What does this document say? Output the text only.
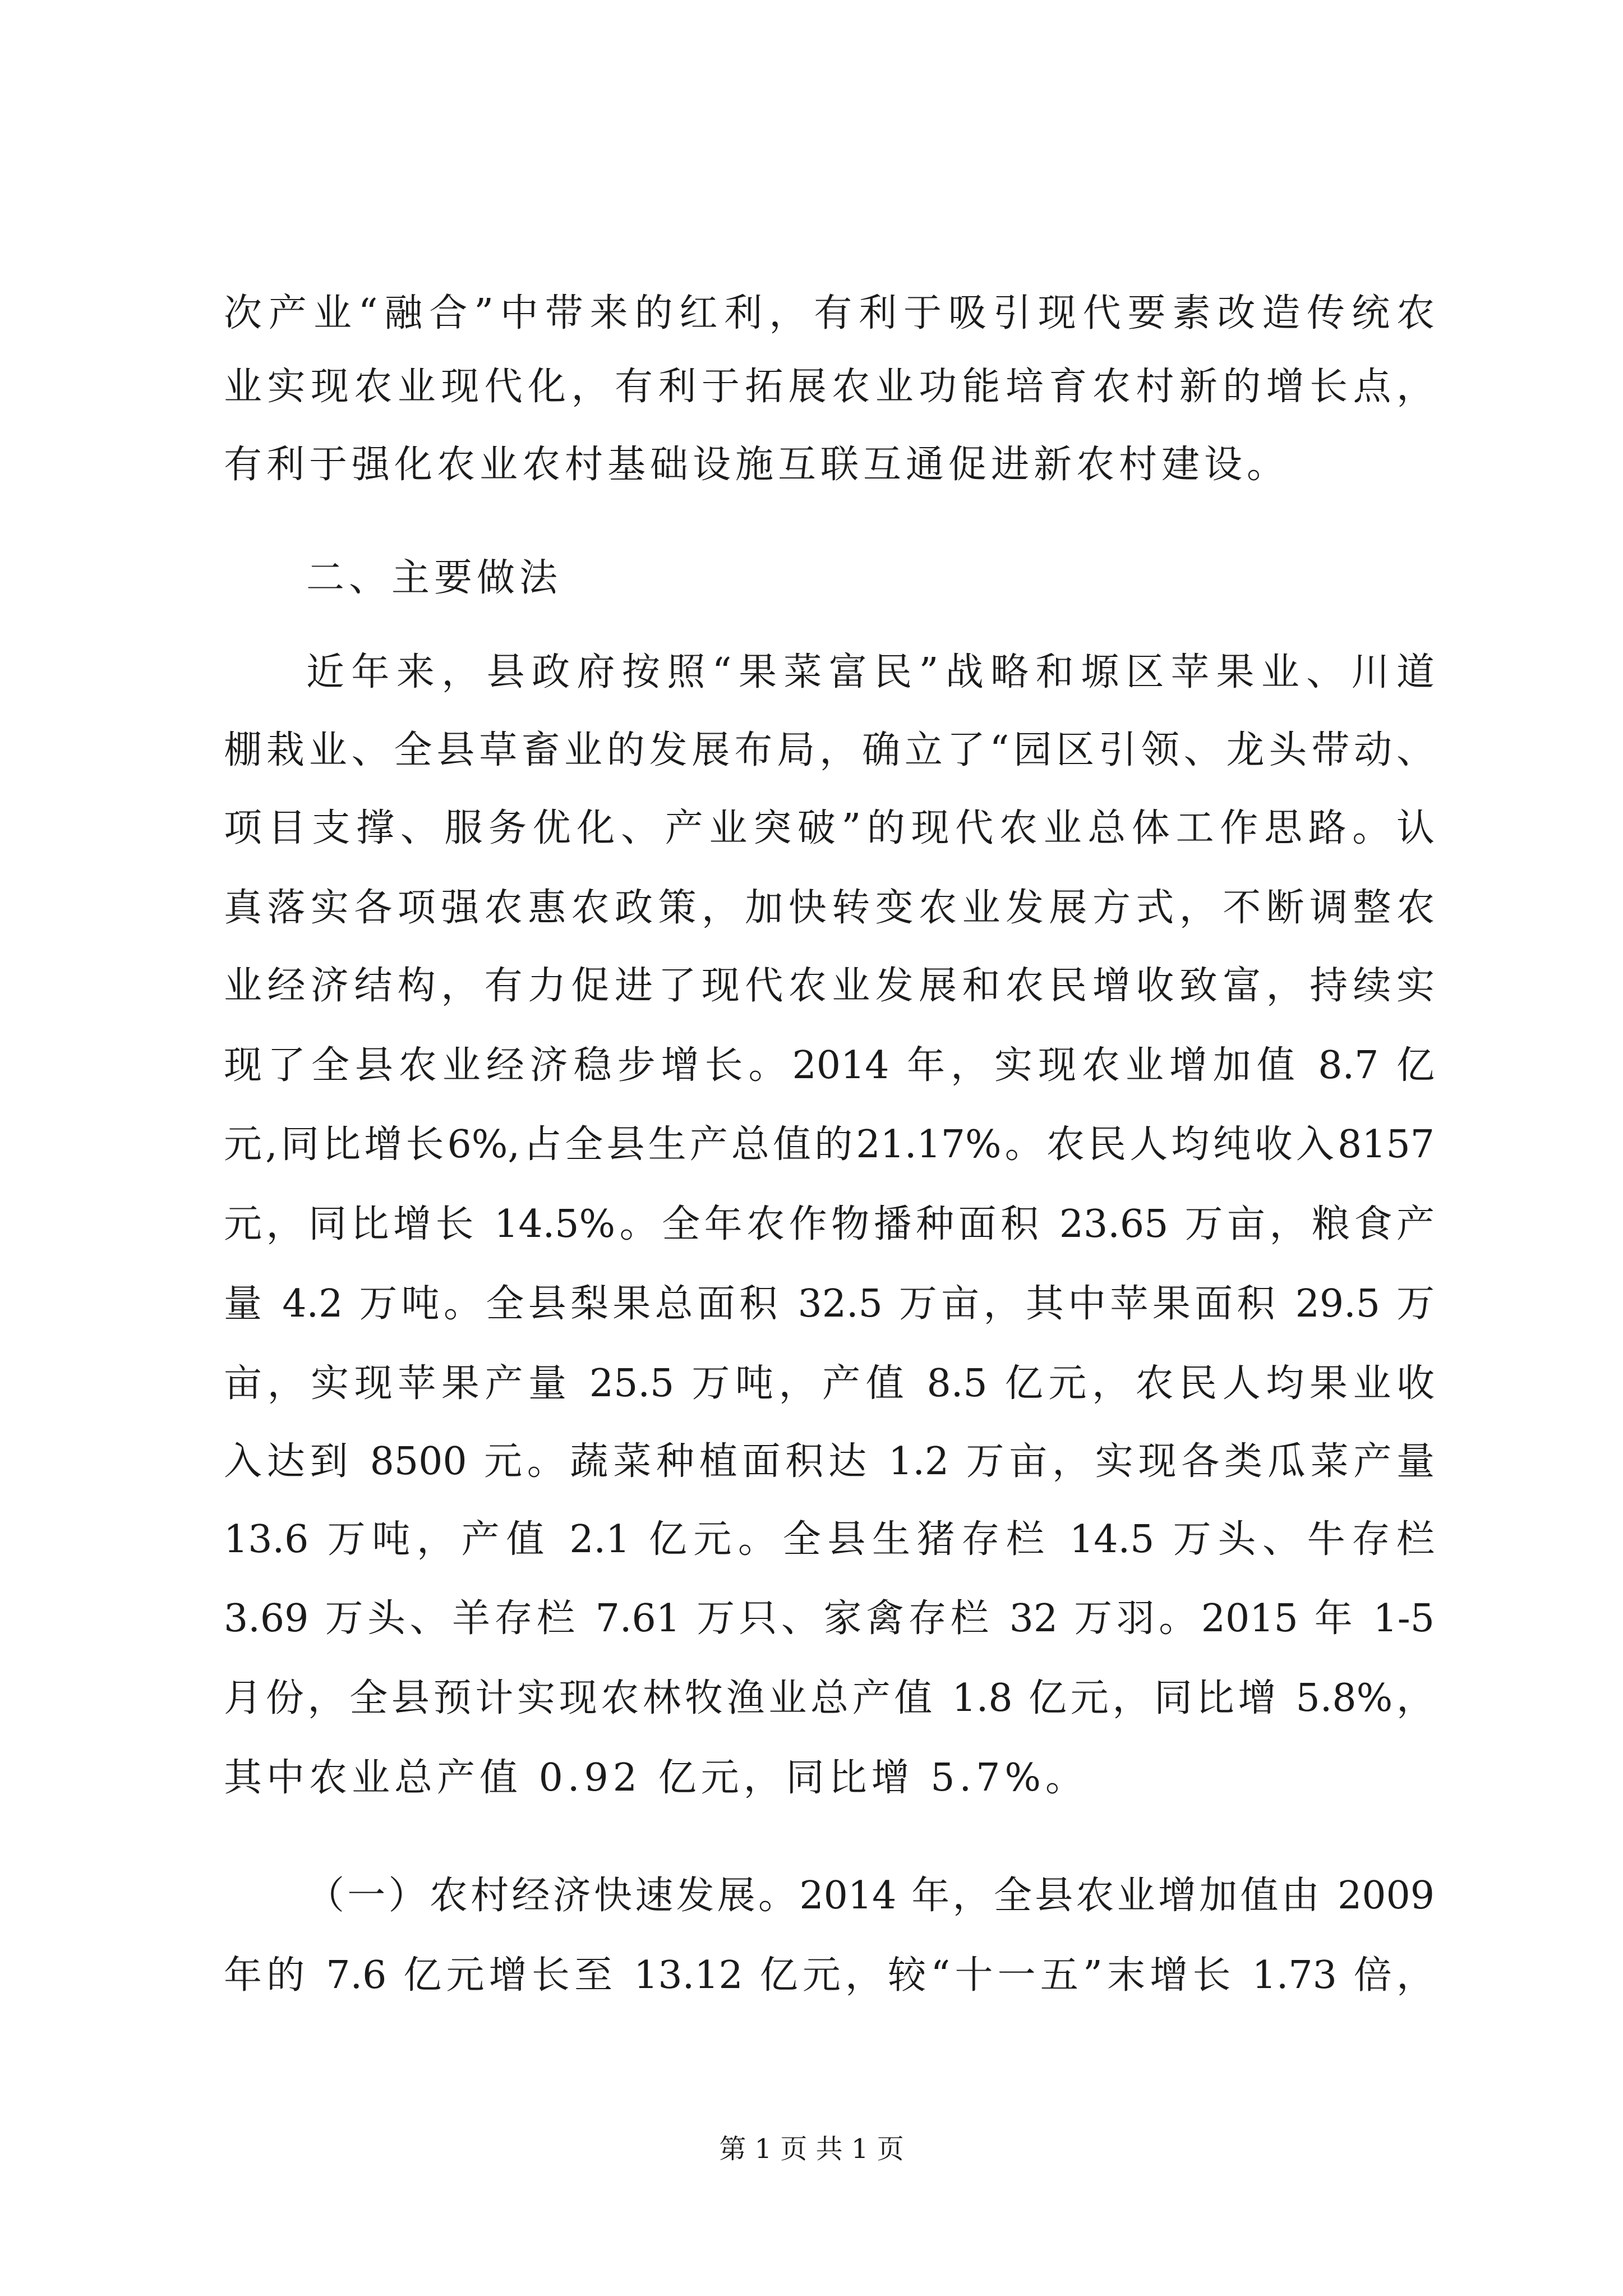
次产业“融合”中带来的红利，有利于吸引现代要素改造传统农
业实现农业现代化，有利于拓展农业功能培育农村新的增长点，
有利于强化农业农村基础设施互联互通促进新农村建设。
二、主要做法
近年来，县政府按照“果菜富民”战略和塬区苹果业、川道
棚栽业、全县草畜业的发展布局，确立了“园区引领、龙头带动、
项目支撑、服务优化、产业突破”的现代农业总体工作思路。认
真落实各项强农惠农政策，加快转变农业发展方式，不断调整农
业经济结构，有力促进了现代农业发展和农民增收致富，持续实
现了全县农业经济稳步增长。2014 年，实现农业增加值 8.7 亿
元,同比增长6%,占全县生产总值的21.17%。农民人均纯收入8157
元，同比增长 14.5%。全年农作物播种面积 23.65 万亩，粮食产
量 4.2 万吨。全县梨果总面积 32.5 万亩，其中苹果面积 29.5 万
亩，实现苹果产量 25.5 万吨，产值 8.5 亿元，农民人均果业收
入达到 8500 元。蔬菜种植面积达 1.2 万亩，实现各类瓜菜产量
13.6 万吨，产值 2.1 亿元。全县生猪存栏 14.5 万头、牛存栏
3.69 万头、羊存栏 7.61 万只、家禽存栏 32 万羽。2015 年 1-5
月份，全县预计实现农林牧渔业总产值 1.8 亿元，同比增 5.8%，
其中农业总产值 0.92 亿元，同比增 5.7%。
（一）农村经济快速发展。2014 年，全县农业增加值由 2009
年的 7.6 亿元增长至 13.12 亿元，较“十一五”末增长 1.73 倍，
第 1 页 共 1 页
